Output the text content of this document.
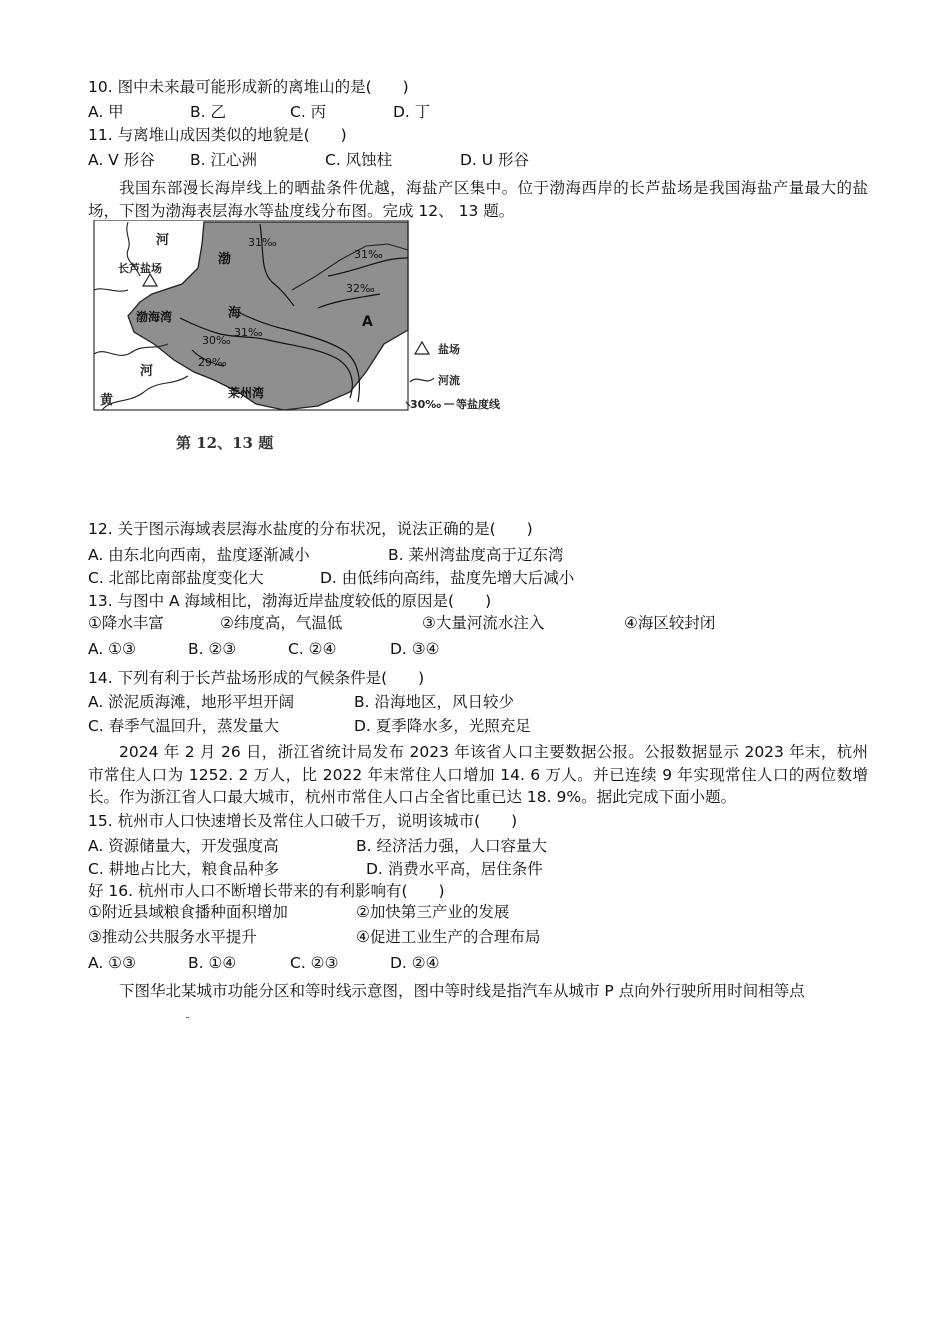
10. 图中未来最可能形成新的离堆山的是(　　)
A. 甲	B. 乙	C. 丙	D. 丁
11. 与离堆山成因类似的地貌是(　　)
A. V 形谷 B. 江心洲	C. 风蚀柱	D. U 形谷
我国东部漫长海岸线上的晒盐条件优越，海盐产区集中。位于渤海西岸的长芦盐场是我国海盐产量最大的盐场，下图为渤海表层海水等盐度线分布图。完成 12、 13 题。
河
长芦盐场
渤
海
渤海湾
河
黄	莱州湾
A
31‰
31‰
32‰
30‰
31‰
29‰
盐场
河流
30‰ 等盐度线
第 12、13 题
12. 关于图示海域表层海水盐度的分布状况，说法正确的是(　　)
A. 由东北向西南，盐度逐渐减小	B. 莱州湾盐度高于辽东湾
C. 北部比南部盐度变化大	D. 由低纬向高纬，盐度先增大后减小
13. 与图中 A 海域相比，渤海近岸盐度较低的原因是(　　)
①降水丰富	②纬度高，气温低	③大量河流水注入	④海区较封闭
A. ①③	B. ②③	C. ②④	D. ③④
14. 下列有利于长芦盐场形成的气候条件是(　　)
A. 淤泥质海滩，地形平坦开阔	B. 沿海地区，风日较少
C. 春季气温回升，蒸发量大	D. 夏季降水多，光照充足
2024 年 2 月 26 日，浙江省统计局发布 2023 年该省人口主要数据公报。公报数据显示 2023 年末，杭州 市常住人口为 1252. 2 万人，比 2022 年末常住人口增加 14. 6 万人。并已连续 9 年实现常住人口的两位数增 长。作为浙江省人口最大城市，杭州市常住人口占全省比重已达 18. 9%。据此完成下面小题。
15. 杭州市人口快速增长及常住人口破千万，说明该城市(　　)
A. 资源储量大，开发强度高	B. 经济活力强，人口容量大
C. 耕地占比大，粮食品种多	D. 消费水平高，居住条件
好 16. 杭州市人口不断增长带来的有利影响有(　　)
①附近县域粮食播种面积增加	②加快第三产业的发展
③推动公共服务水平提升	④促进工业生产的合理布局
A. ①③	B. ①④	C. ②③	D. ②④
下图华北某城市功能分区和等时线示意图，图中等时线是指汽车从城市 P 点向外行驶所用时间相等点
